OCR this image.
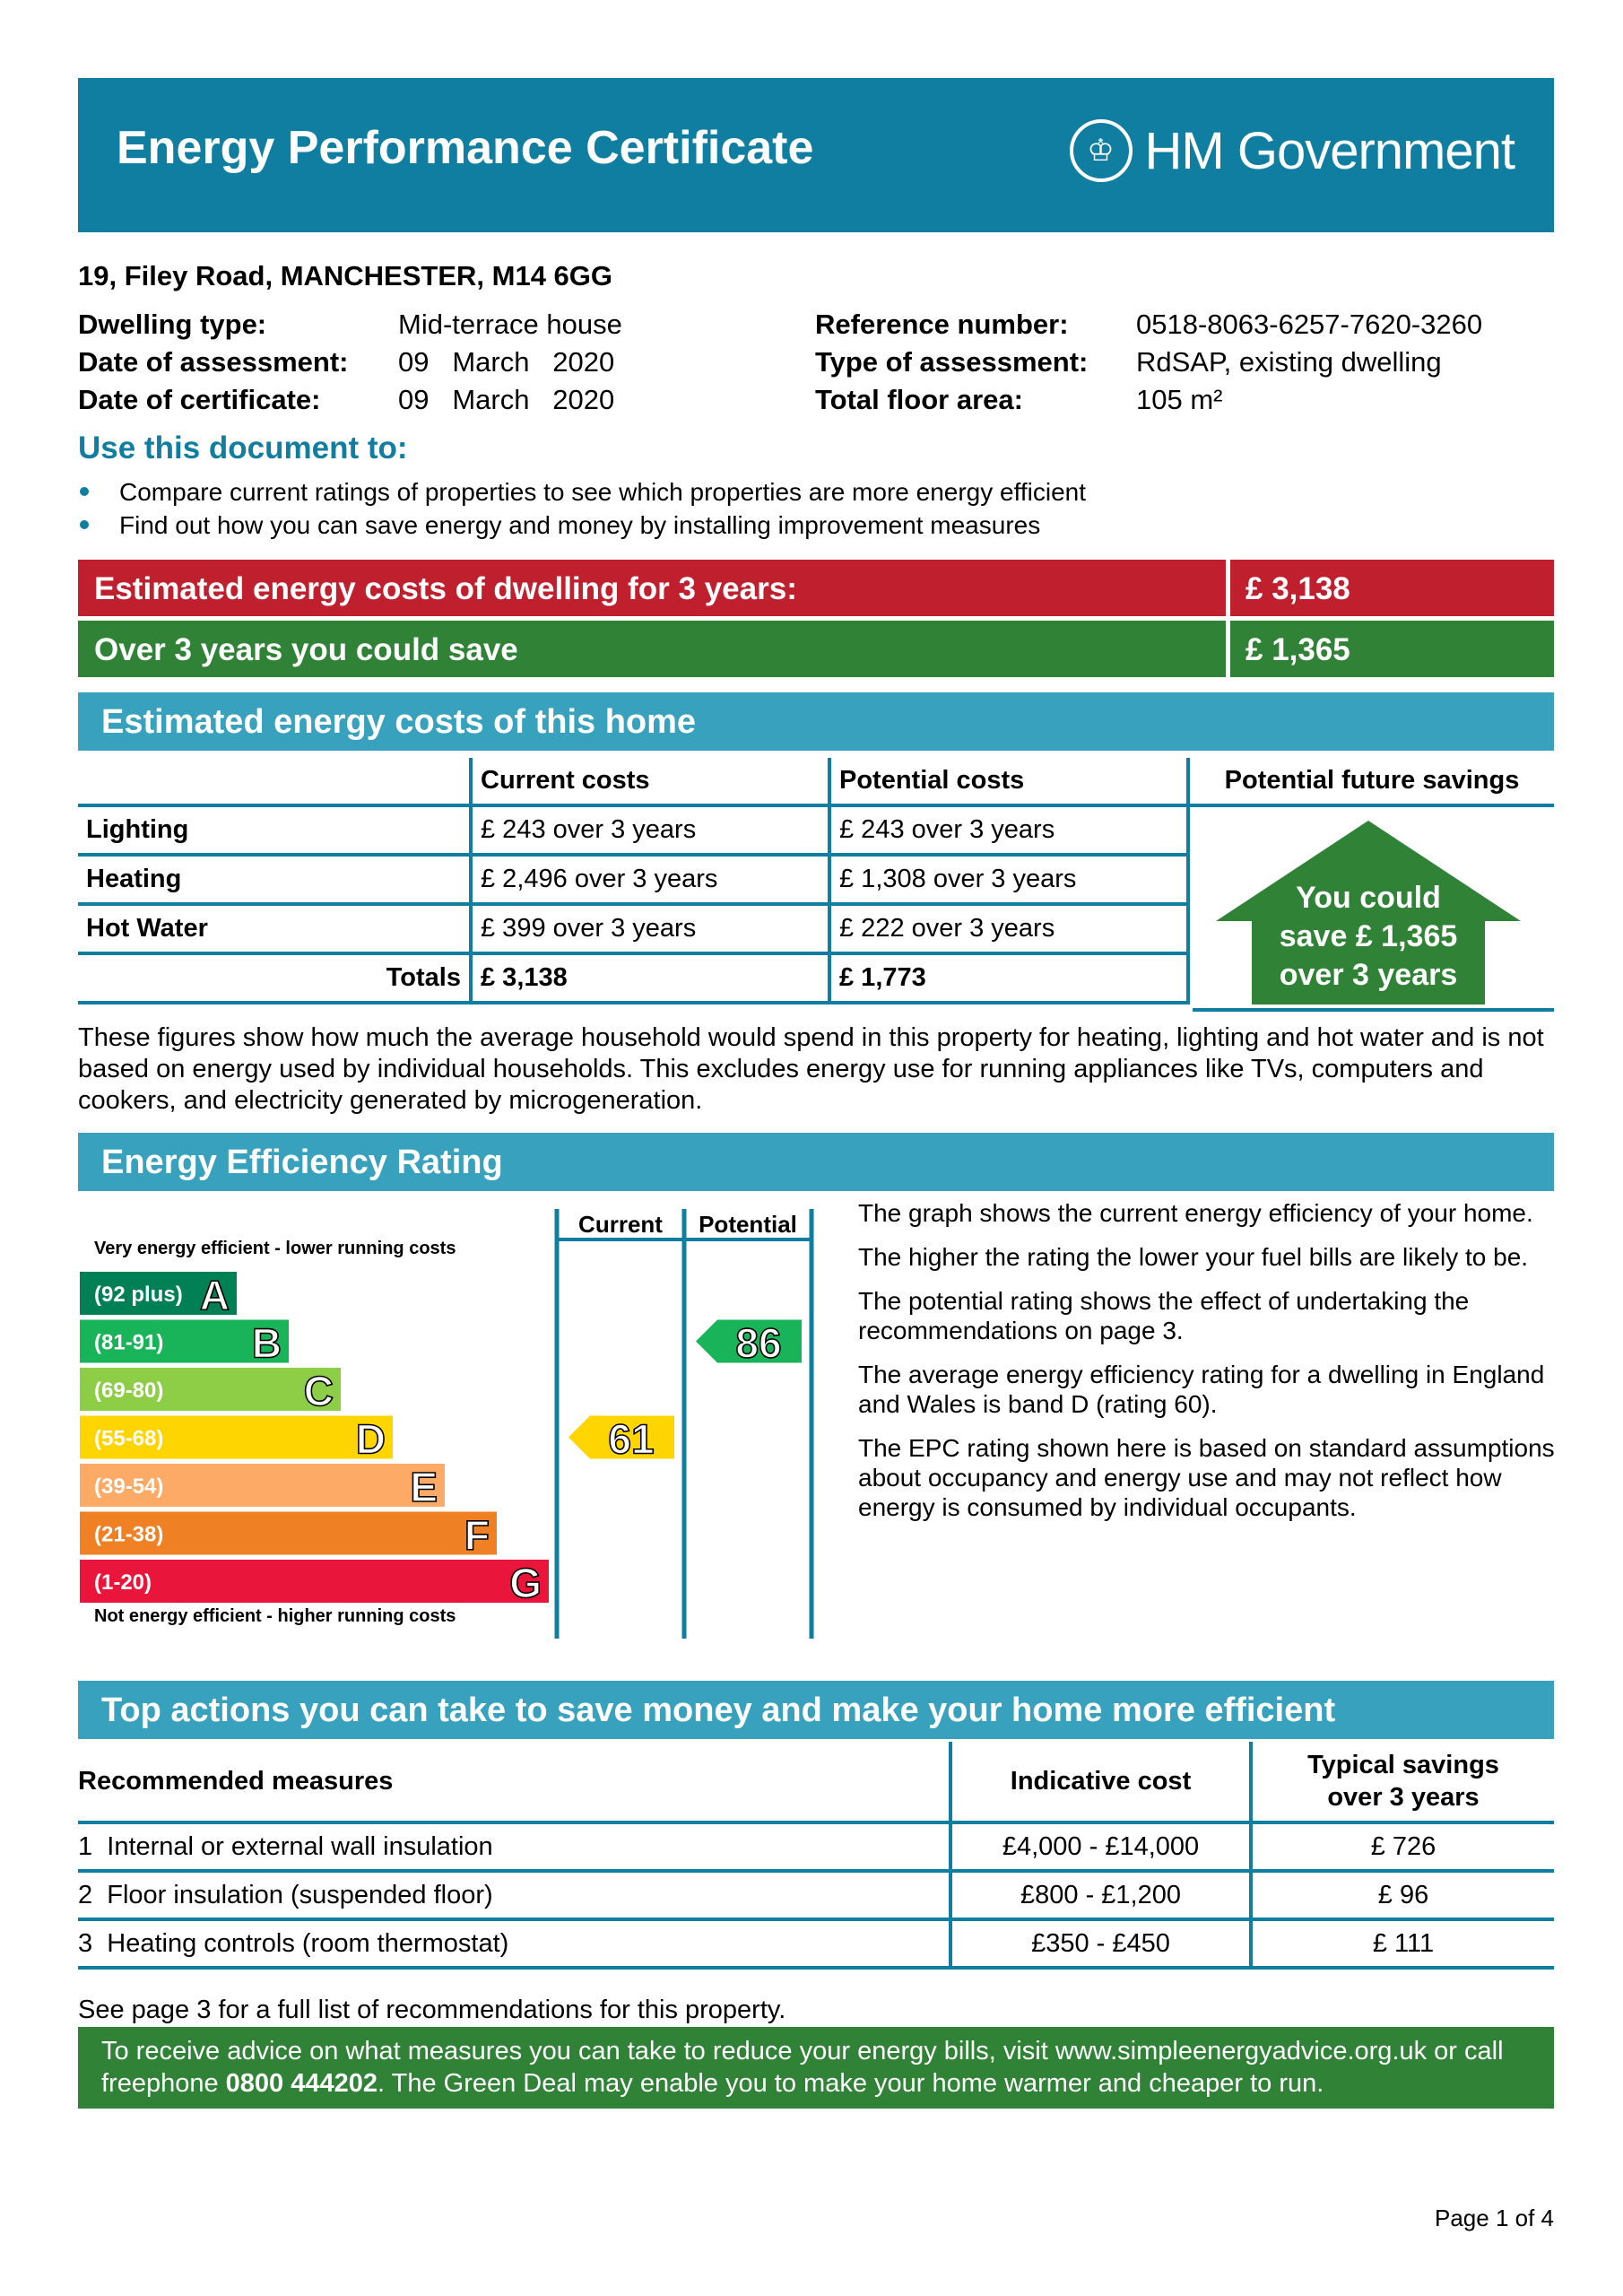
Energy Performance Certificate	♔ HM Government
19, Filey Road, MANCHESTER, M14 6GG
Dwelling type:	Mid-terrace house
Date of assessment: 09   March   2020
Date of certificate:	09   March   2020
Reference number: 0518-8063-6257-7620-3260
Type of assessment: RdSAP, existing dwelling
Total floor area:	105 m²
Use this document to:
Compare current ratings of properties to see which properties are more energy efficient
Find out how you can save energy and money by installing improvement measures
Estimated energy costs of dwelling for 3 years:	£ 3,138
Over 3 years you could save	£ 1,365
Estimated energy costs of this home
	Current costs	Potential costs	Potential future savings
Lighting	£ 243 over 3 years	£ 243 over 3 years	
Heating	£ 2,496 over 3 years	£ 1,308 over 3 years	
Hot Water	£ 399 over 3 years	£ 222 over 3 years	
Totals	£ 3,138	£ 1,773	
You could
save £ 1,365
over 3 years
These figures show how much the average household would spend in this property for heating, lighting and hot water and is not based on energy used by individual households. This excludes energy use for running appliances like TVs, computers and cookers, and electricity generated by microgeneration.
Energy Efficiency Rating
(92 plus) A
(81-91) B
(69-80)	C
(55-68)	D
(39-54)	E
(21-38)	F
(1-20)	G
Very energy efficient - lower running costs
Not energy efficient - higher running costs
Current Potential
61
86
The graph shows the current energy efficiency of your home.
The higher the rating the lower your fuel bills are likely to be.
The potential rating shows the effect of undertaking the recommendations on page 3.
The average energy efficiency rating for a dwelling in England and Wales is band D (rating 60).
The EPC rating shown here is based on standard assumptions about occupancy and energy use and may not reflect how energy is consumed by individual occupants.
Top actions you can take to save money and make your home more efficient
Recommended measures	Indicative cost	Typical savings
over 3 years

1 Internal or external wall insulation	£4,000 - £14,000	£ 726
2 Floor insulation (suspended floor)	£800 - £1,200	£ 96
3 Heating controls (room thermostat)	£350 - £450	£ 111
See page 3 for a full list of recommendations for this property.
To receive advice on what measures you can take to reduce your energy bills, visit www.simpleenergyadvice.org.uk or call freephone 0800 444202. The Green Deal may enable you to make your home warmer and cheaper to run.
Page 1 of 4
